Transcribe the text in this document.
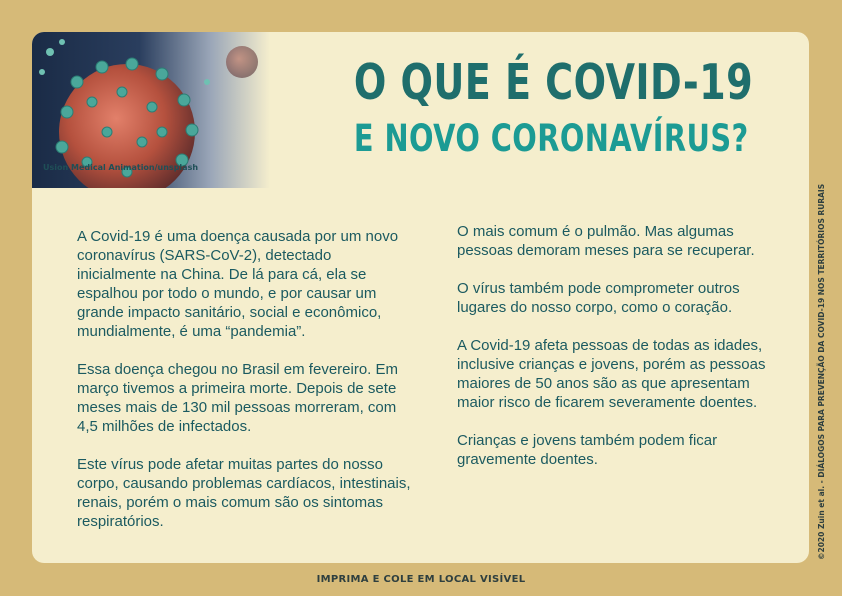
O QUE É COVID-19
E NOVO CORONAVÍRUS?

A Covid-19 é uma doença causada por um novo coronavírus (SARS-CoV-2), detectado inicialmente na China. De lá para cá, ela se espalhou por todo o mundo, e por causar um grande impacto sanitário, social e econômico, mundialmente, é uma “pandemia”.

Essa doença chegou no Brasil em fevereiro. Em março tivemos a primeira morte. Depois de sete meses mais de 130 mil pessoas morreram, com 4,5 milhões de infectados.

Este vírus pode afetar muitas partes do nosso corpo, causando problemas cardíacos, intestinais, renais, porém o mais comum são os sintomas respiratórios.

O mais comum é o pulmão. Mas algumas pessoas demoram meses para se recuperar.

O vírus também pode comprometer outros lugares do nosso corpo, como o coração.

A Covid-19 afeta pessoas de todas as idades, inclusive crianças e jovens, porém as pessoas maiores de 50 anos são as que apresentam maior risco de ficarem severamente doentes.

Crianças e jovens também podem ficar gravemente doentes.

Usion Medical Animation/unsplash
IMPRIMA E COLE EM LOCAL VISÍVEL
©2020 Zuin et al. - DIÁLOGOS PARA PREVENÇÃO DA COVID-19 NOS TERRITÓRIOS RURAIS
